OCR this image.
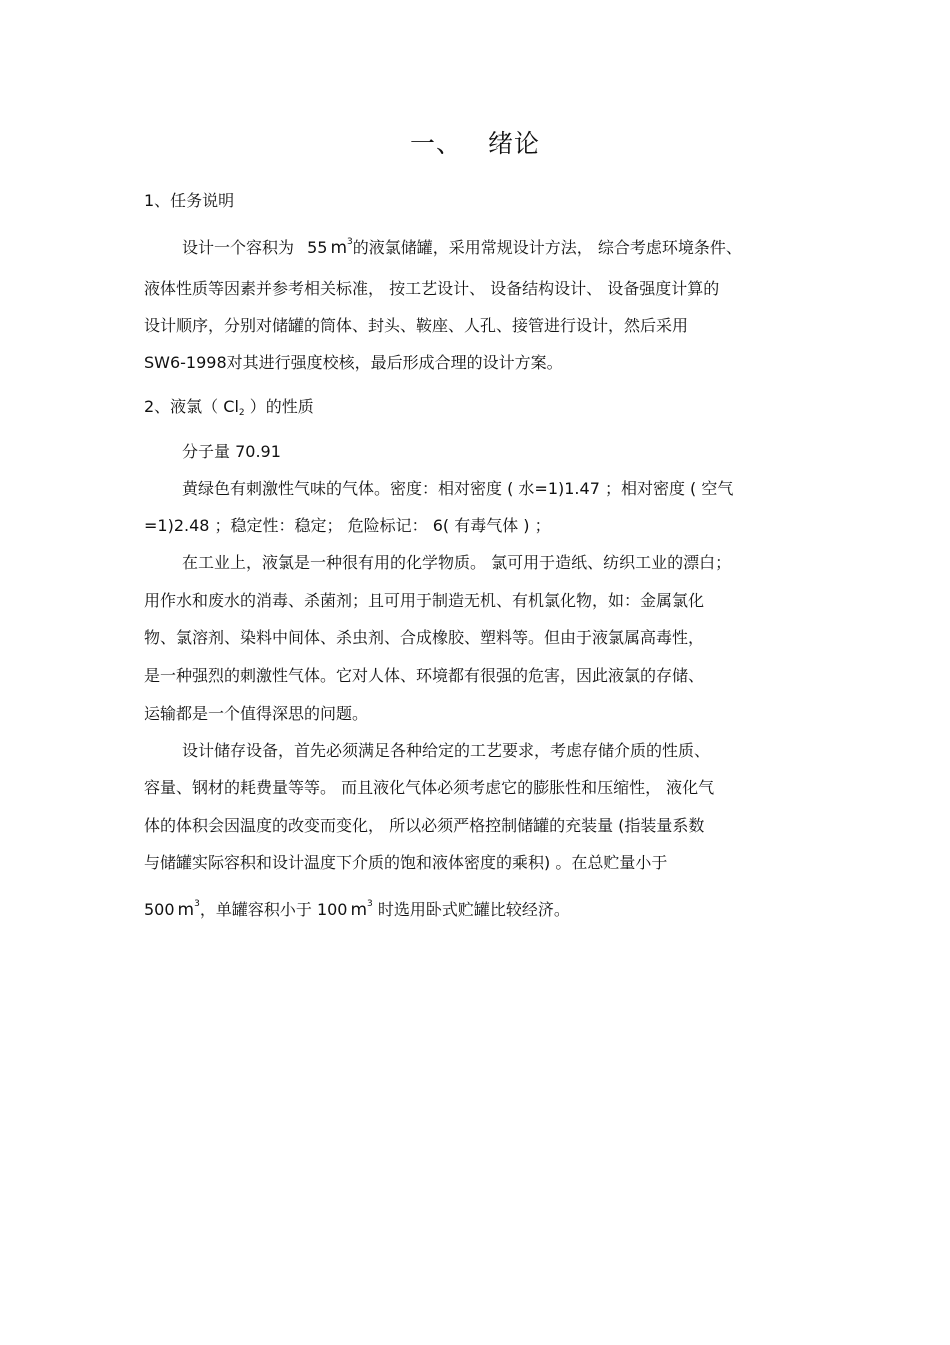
一、 绪论
1、任务说明
设计一个容积为 55 $m^3$的液氯储罐，采用常规设计方法， 综合考虑环境条件、
液体性质等因素并参考相关标准， 按工艺设计、 设备结构设计、 设备强度计算的
设计顺序，分别对储罐的筒体、封头、鞍座、人孔、接管进行设计，然后采用
SW6-1998对其进行强度校核，最后形成合理的设计方案。
2、液氯（ $Cl_2$ ）的性质
分子量 70.91
黄绿色有刺激性气味的气体。密度：相对密度 ( 水=1)1.47 ；相对密度 ( 空气
=1)2.48 ；稳定性：稳定； 危险标记： 6( 有毒气体 ) ；
在工业上，液氯是一种很有用的化学物质。 氯可用于造纸、纺织工业的漂白；
用作水和废水的消毒、杀菌剂；且可用于制造无机、有机氯化物，如：金属氯化
物、氯溶剂、染料中间体、杀虫剂、合成橡胶、塑料等。但由于液氯属高毒性，
是一种强烈的刺激性气体。它对人体、环境都有很强的危害，因此液氯的存储、
运输都是一个值得深思的问题。
设计储存设备，首先必须满足各种给定的工艺要求，考虑存储介质的性质、
容量、钢材的耗费量等等。 而且液化气体必须考虑它的膨胀性和压缩性， 液化气
体的体积会因温度的改变而变化， 所以必须严格控制储罐的充装量 (指装量系数
与储罐实际容积和设计温度下介质的饱和液体密度的乘积) 。在总贮量小于
500 $m^3$，单罐容积小于 100 $m^3$ 时选用卧式贮罐比较经济。
